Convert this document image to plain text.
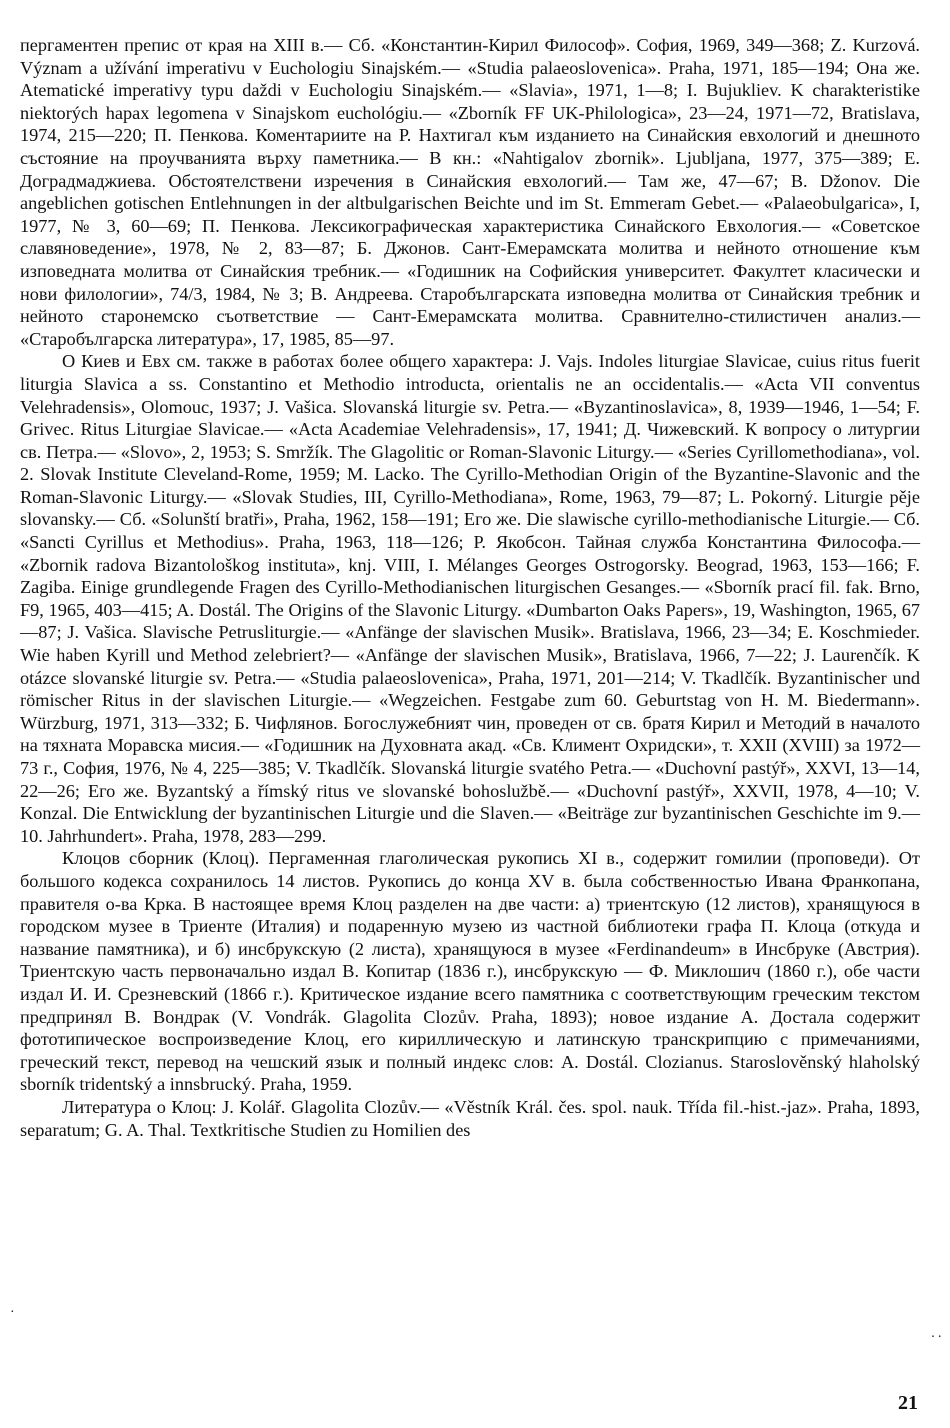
пергаментен препис от края на XIII в.— Сб. «Константин-Кирил Философ». София, 1969, 349—368; Z. Kurzová. Význam a užívání imperativu v Euchologiu Sinajském.— «Studia palaeoslovenica». Praha, 1971, 185—194; Она же. Atematické imperativy typu daždi v Euchologiu Sinajském.— «Slavia», 1971, 1—8; I. Bujukliev. K charakteristike niektorých hapax legomena v Sinajskom euchológiu.— «Zborník FF UK-Philologica», 23—24, 1971—72, Bratislava, 1974, 215—220; П. Пенкова. Коментариите на Р. Нахтигал към изданието на Синайския евхологий и днешното състояние на проучванията върху паметника.— В кн.: «Nahtigalov zbornik». Ljubljana, 1977, 375—389; Е. Доградмаджиева. Обстоятелствени изречения в Синайския евхологий.— Там же, 47—67; B. Džonov. Die angeblichen gotischen Entlehnungen in der altbulgarischen Beichte und im St. Emmeram Gebet.— «Palaeobulgarica», I, 1977, № 3, 60—69; П. Пенкова. Лексикографическая характеристика Синайского Евхология.— «Советское славяноведение», 1978, № 2, 83—87; Б. Джонов. Сант-Емерамската молитва и нейното отношение към изповедната молитва от Синайския требник.— «Годишник на Софийския университет. Факултет класически и нови филологии», 74/3, 1984, № 3; В. Андреева. Старобългарската изповедна молитва от Синайския требник и нейното старонемско съответствие — Сант-Емерамската молитва. Сравнително-стилистичен анализ.— «Старобългарска литература», 17, 1985, 85—97.

О Киев и Евх см. также в работах более общего характера: J. Vajs. Indoles liturgiae Slavicae, cuius ritus fuerit liturgia Slavica a ss. Constantino et Methodio introducta, orientalis ne an occidentalis.— «Acta VII conventus Velehradensis», Olomouc, 1937; J. Vašica. Slovanská liturgie sv. Petra.— «Byzantinoslavica», 8, 1939—1946, 1—54; F. Grivec. Ritus Liturgiae Slavicae.— «Acta Academiae Velehradensis», 17, 1941; Д. Чижевский. К вопросу о литургии св. Петра.— «Slovo», 2, 1953; S. Smržík. The Glagolitic or Roman-Slavonic Liturgy.— «Series Cyrillomethodiana», vol. 2. Slovak Institute Cleveland-Rome, 1959; M. Lacko. The Cyrillo-Methodian Origin of the Byzantine-Slavonic and the Roman-Slavonic Liturgy.— «Slovak Studies, III, Cyrillo-Methodiana», Rome, 1963, 79—87; L. Pokorný. Liturgie pěje slovansky.— Сб. «Solunští bratři», Praha, 1962, 158—191; Его же. Die slawische cyrillo-methodianische Liturgie.— Сб. «Sancti Cyrillus et Methodius». Praha, 1963, 118—126; Р. Якобсон. Тайная служба Константина Философа.— «Zbornik radova Bizantološkog instituta», knj. VIII, I. Mélanges Georges Ostrogorsky. Beograd, 1963, 153—166; F. Zagiba. Einige grundlegende Fragen des Cyrillo-Methodianischen liturgischen Gesanges.— «Sborník prací fil. fak. Brno, F9, 1965, 403—415; A. Dostál. The Origins of the Slavonic Liturgy. «Dumbarton Oaks Papers», 19, Washington, 1965, 67—87; J. Vašica. Slavische Petrusliturgie.— «Anfänge der slavischen Musik». Bratislava, 1966, 23—34; E. Koschmieder. Wie haben Kyrill und Method zelebriert?— «Anfänge der slavischen Musik», Bratislava, 1966, 7—22; J. Laurenčík. K otázce slovanské liturgie sv. Petra.— «Studia palaeoslovenica», Praha, 1971, 201—214; V. Tkadlčík. Byzantinischer und römischer Ritus in der slavischen Liturgie.— «Wegzeichen. Festgabe zum 60. Geburtstag von H. M. Biedermann». Würzburg, 1971, 313—332; Б. Чифлянов. Богослужебният чин, проведен от св. братя Кирил и Методий в началото на тяхната Моравска мисия.— «Годишник на Духовната акад. «Св. Климент Охридски», т. XXII (XVIII) за 1972—73 г., София, 1976, № 4, 225—385; V. Tkadlčík. Slovanská liturgie svatého Petra.— «Duchovní pastýř», XXVI, 13—14, 22—26; Его же. Byzantský a římský ritus ve slovanské bohoslužbě.— «Duchovní pastýř», XXVII, 1978, 4—10; V. Konzal. Die Entwicklung der byzantinischen Liturgie und die Slaven.— «Beiträge zur byzantinischen Geschichte im 9.— 10. Jahrhundert». Praha, 1978, 283—299.

Клоцов сборник (Клоц). Пергаменная глаголическая рукопись XI в., содержит гомилии (проповеди). От большого кодекса сохранилось 14 листов. Рукопись до конца XV в. была собственностью Ивана Франкопана, правителя о-ва Крка. В настоящее время Клоц разделен на две части: а) триентскую (12 листов), хранящуюся в городском музее в Триенте (Италия) и подаренную музею из частной библиотеки графа П. Клоца (откуда и название памятника), и б) инсбрукскую (2 листа), хранящуюся в музее «Ferdinandeum» в Инсбруке (Австрия). Триентскую часть первоначально издал В. Копитар (1836 г.), инсбрукскую — Ф. Миклошич (1860 г.), обе части издал И. И. Срезневский (1866 г.). Критическое издание всего памятника с соответствующим греческим текстом предпринял В. Вондрак (V. Vondrák. Glagolita Clozův. Praha, 1893); новое издание А. Достала содержит фототипическое воспроизведение Клоц, его кириллическую и латинскую транскрипцию с примечаниями, греческий текст, перевод на чешский язык и полный индекс слов: A. Dostál. Clozianus. Staroslověnský hlaholský sborník tridentský a innsbrucký. Praha, 1959.

Литература о Клоц: J. Kolář. Glagolita Clozův.— «Věstník Král. čes. spol. nauk. Třída fil.-hist.-jaz». Praha, 1893, separatum; G. A. Thal. Textkritische Studien zu Homilien des

·
··
21
